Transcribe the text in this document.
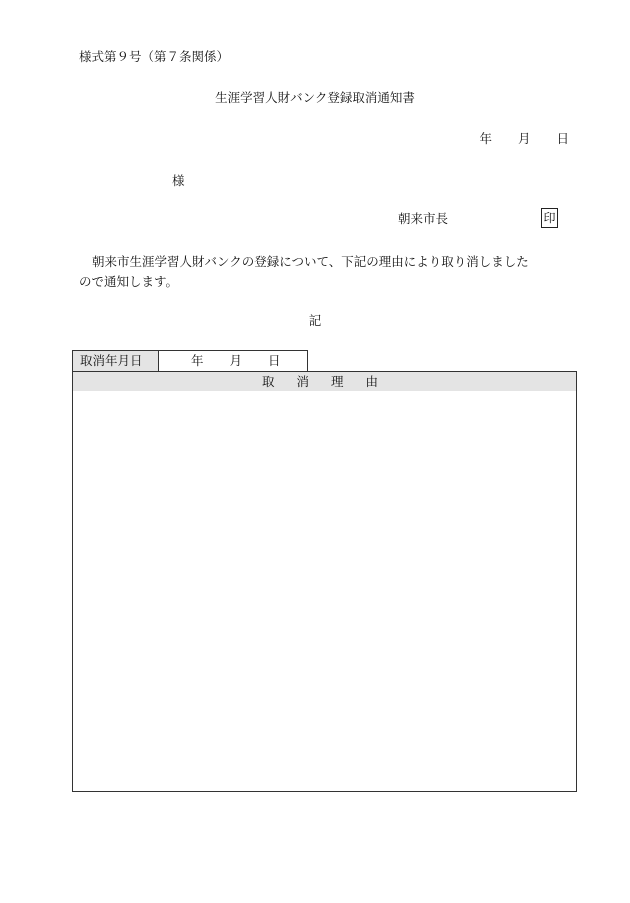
様式第９号（第７条関係）
生涯学習人財バンク登録取消通知書
年 月 日
様
朝来市長	印

朝来市生涯学習人財バンクの登録について、下記の理由により取り消しました

ので通知します。

記
取消年月日	年 月 日
取 消 理 由
